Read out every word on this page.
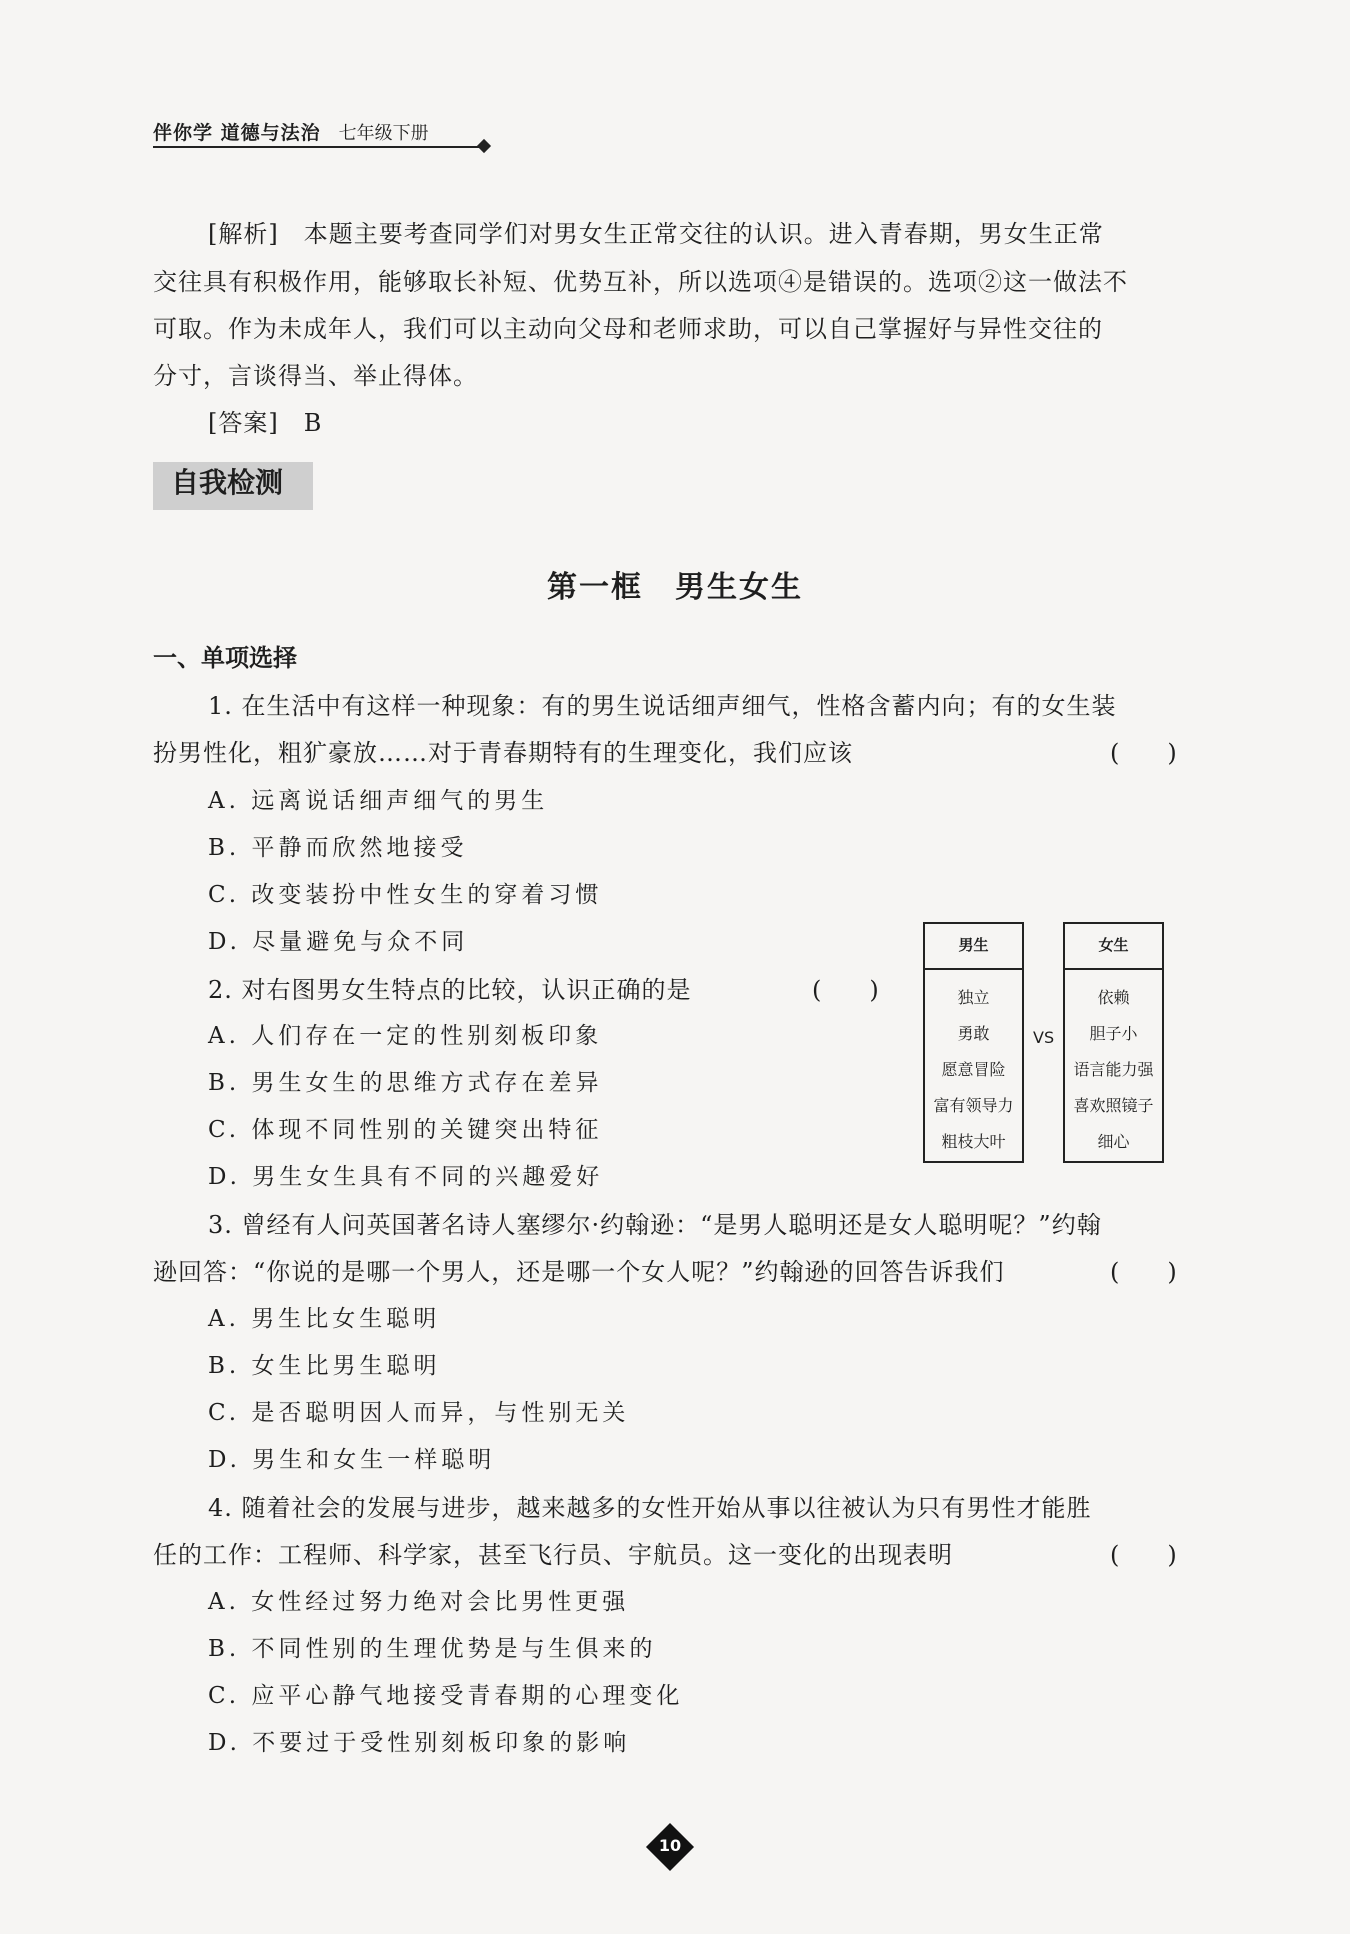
伴你学 道德与法治 七年级下册
[解析]　 本题主要考查同学们对男女生正常交往的认识。进入青春期，男女生正常
交往具有积极作用，能够取长补短、优势互补，所以选项④是错误的。选项②这一做法不
可取。作为未成年人，我们可以主动向父母和老师求助，可以自己掌握好与异性交往的
分寸，言谈得当、举止得体。
[答案]　 B
自我检测
第一框　男生女生
一、单项选择
1. 在生活中有这样一种现象：有的男生说话细声细气，性格含蓄内向；有的女生装
扮男性化，粗犷豪放……对于青春期特有的生理变化，我们应该	(　　)
A. 远离说话细声细气的男生
B. 平静而欣然地接受
C. 改变装扮中性女生的穿着习惯
D. 尽量避免与众不同
2. 对右图男女生特点的比较，认识正确的是	(　　)
A. 人们存在一定的性别刻板印象
B. 男生女生的思维方式存在差异
C. 体现不同性别的关键突出特征
D. 男生女生具有不同的兴趣爱好
男生
独立
勇敢
愿意冒险
富有领导力
粗枝大叶
VS
女生
依赖
胆子小
语言能力强
喜欢照镜子
细心
3. 曾经有人问英国著名诗人塞缪尔·约翰逊：“是男人聪明还是女人聪明呢？”约翰
逊回答：“你说的是哪一个男人，还是哪一个女人呢？”约翰逊的回答告诉我们	(　　)
A. 男生比女生聪明
B. 女生比男生聪明
C. 是否聪明因人而异，与性别无关
D. 男生和女生一样聪明
4. 随着社会的发展与进步，越来越多的女性开始从事以往被认为只有男性才能胜
任的工作：工程师、科学家，甚至飞行员、宇航员。这一变化的出现表明	(　　)
A. 女性经过努力绝对会比男性更强
B. 不同性别的生理优势是与生俱来的
C. 应平心静气地接受青春期的心理变化
D. 不要过于受性别刻板印象的影响
10
